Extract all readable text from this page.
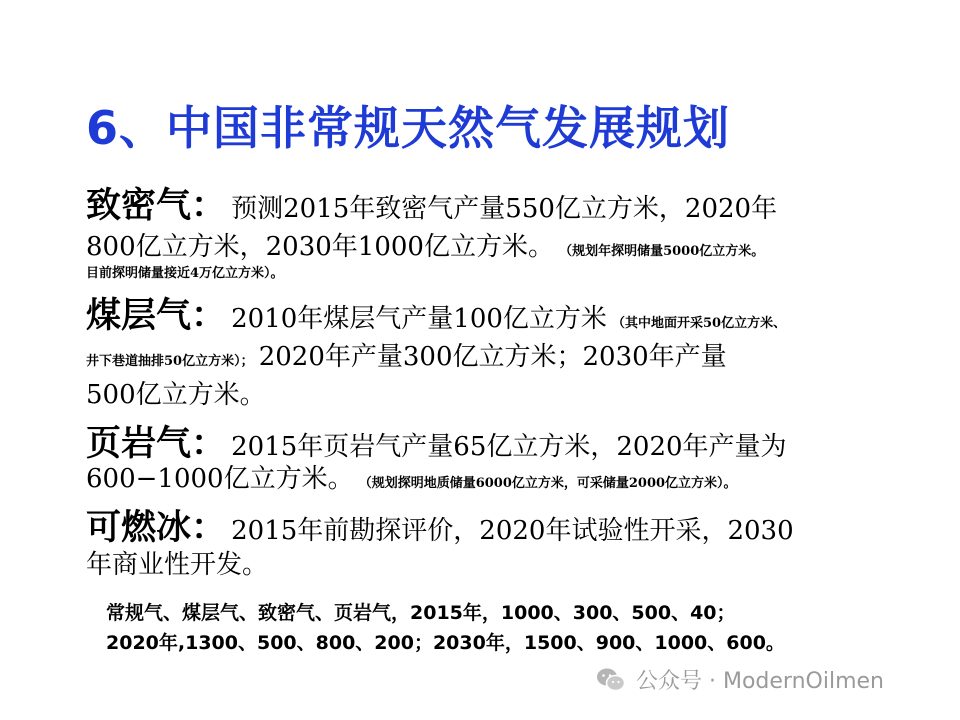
6、中国非常规天然气发展规划
致密气： 预测2015年致密气产量550亿立方米，2020年
800亿立方米，2030年1000亿立方米。 （规划年探明储量5000亿立方米。
目前探明储量接近4万亿立方米）。
煤层气： 2010年煤层气产量100亿立方米 （其中地面开采50亿立方米、
井下巷道抽排50亿立方米）； 2020年产量300亿立方米；2030年产量
500亿立方米。
页岩气： 2015年页岩气产量65亿立方米，2020年产量为
600−1000亿立方米。 （规划探明地质储量6000亿立方米，可采储量2000亿立方米）。
可燃冰： 2015年前勘探评价，2020年试验性开采，2030
年商业性开发。
常规气、煤层气、致密气、页岩气，2015年，1000、300、500、40；
2020年,1300、500、800、200；2030年，1500、900、1000、600。
公众号 · ModernOilmen
